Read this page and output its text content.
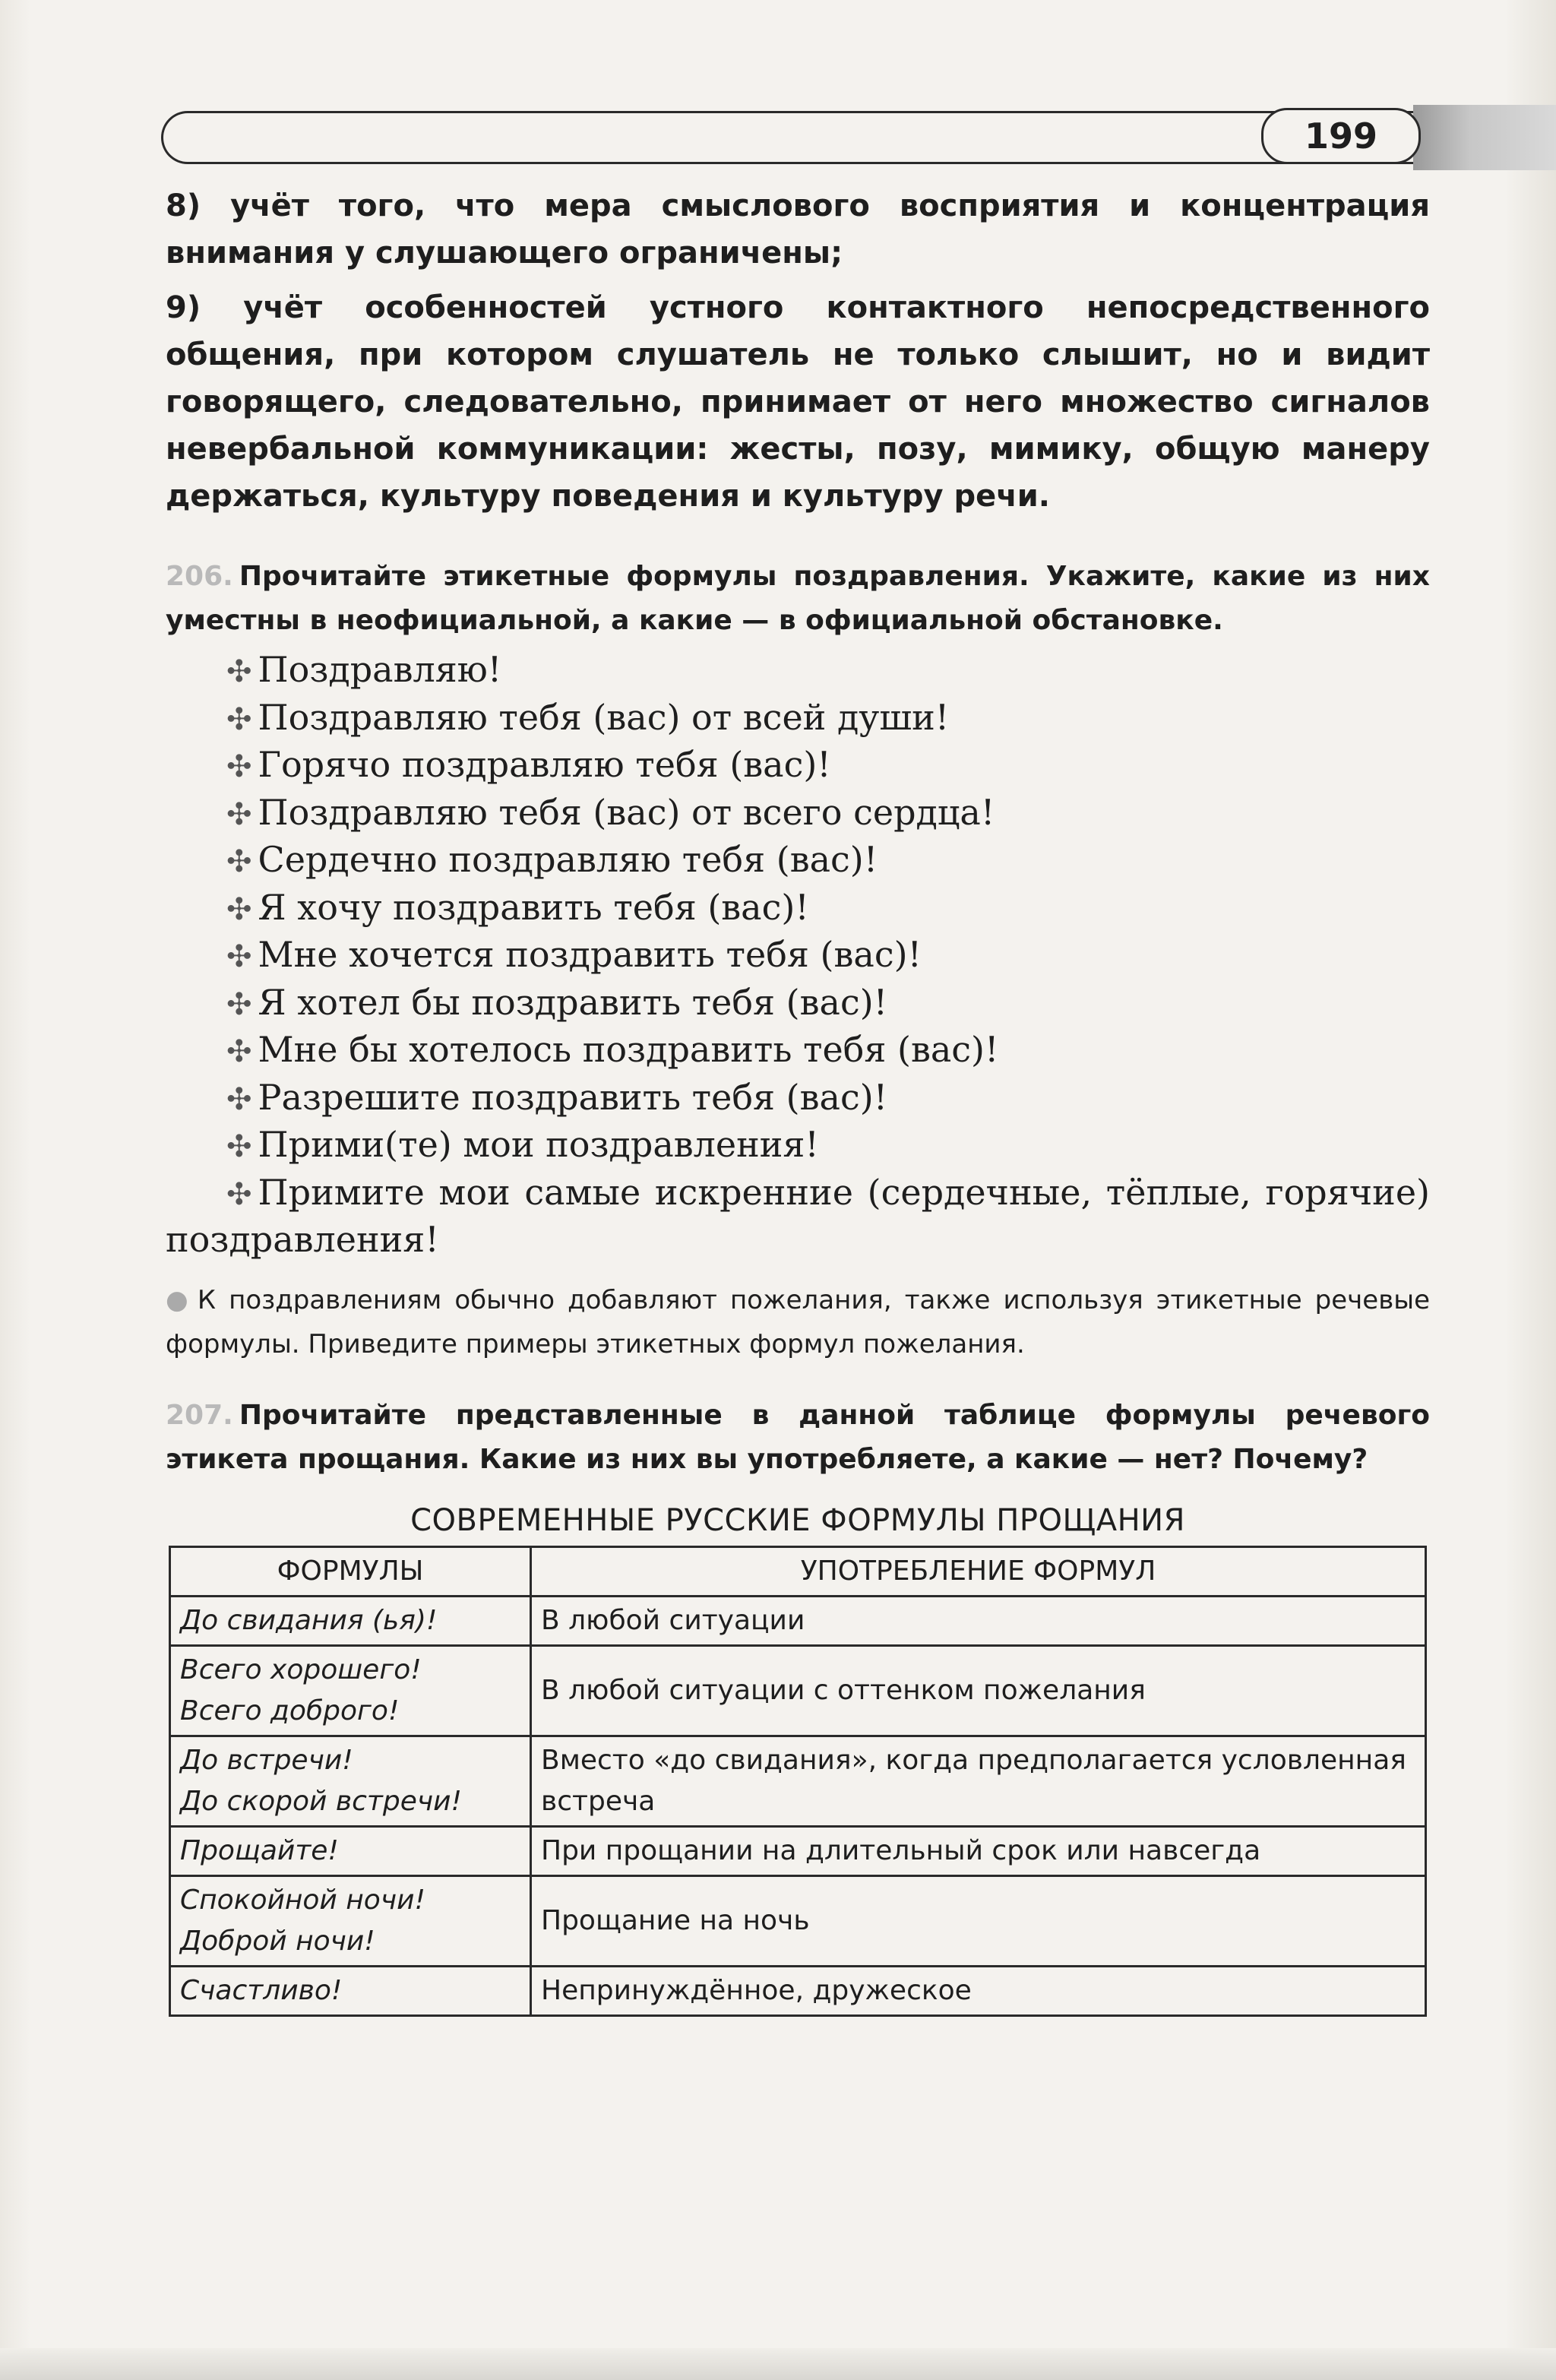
199

8) учёт того, что мера смыслового восприятия и концентрация внимания у слушающего ограничены;

9) учёт особенностей устного контактного непосредственного общения, при котором слушатель не только слышит, но и видит говорящего, следовательно, принимает от него множество сигналов невербальной коммуникации: жесты, позу, мимику, общую манеру держаться, культуру поведения и культуру речи.

206. Прочитайте этикетные формулы поздравления. Укажите, какие из них уместны в неофициальной, а какие — в официальной обстановке.

✣ Поздравляю!
✣ Поздравляю тебя (вас) от всей души!
✣ Горячо поздравляю тебя (вас)!
✣ Поздравляю тебя (вас) от всего сердца!
✣ Сердечно поздравляю тебя (вас)!
✣ Я хочу поздравить тебя (вас)!
✣ Мне хочется поздравить тебя (вас)!
✣ Я хотел бы поздравить тебя (вас)!
✣ Мне бы хотелось поздравить тебя (вас)!
✣ Разрешите поздравить тебя (вас)!
✣ Прими(те) мои поздравления!
✣ Примите мои самые искренние (сердечные, тёплые, горячие) поздравления!

● К поздравлениям обычно добавляют пожелания, также используя этикетные речевые формулы. Приведите примеры этикетных формул пожелания.

207. Прочитайте представленные в данной таблице формулы речевого этикета прощания. Какие из них вы употребляете, а какие — нет? Почему?

СОВРЕМЕННЫЕ РУССКИЕ ФОРМУЛЫ ПРОЩАНИЯ
ФОРМУЛЫ	УПОТРЕБЛЕНИЕ ФОРМУЛ

До свидания (ья)!	В любой ситуации

Всего хорошего!
Всего доброго!	В любой ситуации с оттенком пожелания

До встречи!
До скорой встречи!	Вместо «до свидания», когда предполагается условленная встреча

Прощайте!	При прощании на длительный срок или навсегда

Спокойной ночи!
Доброй ночи!	Прощание на ночь

Счастливо!	Непринуждённое, дружеское
